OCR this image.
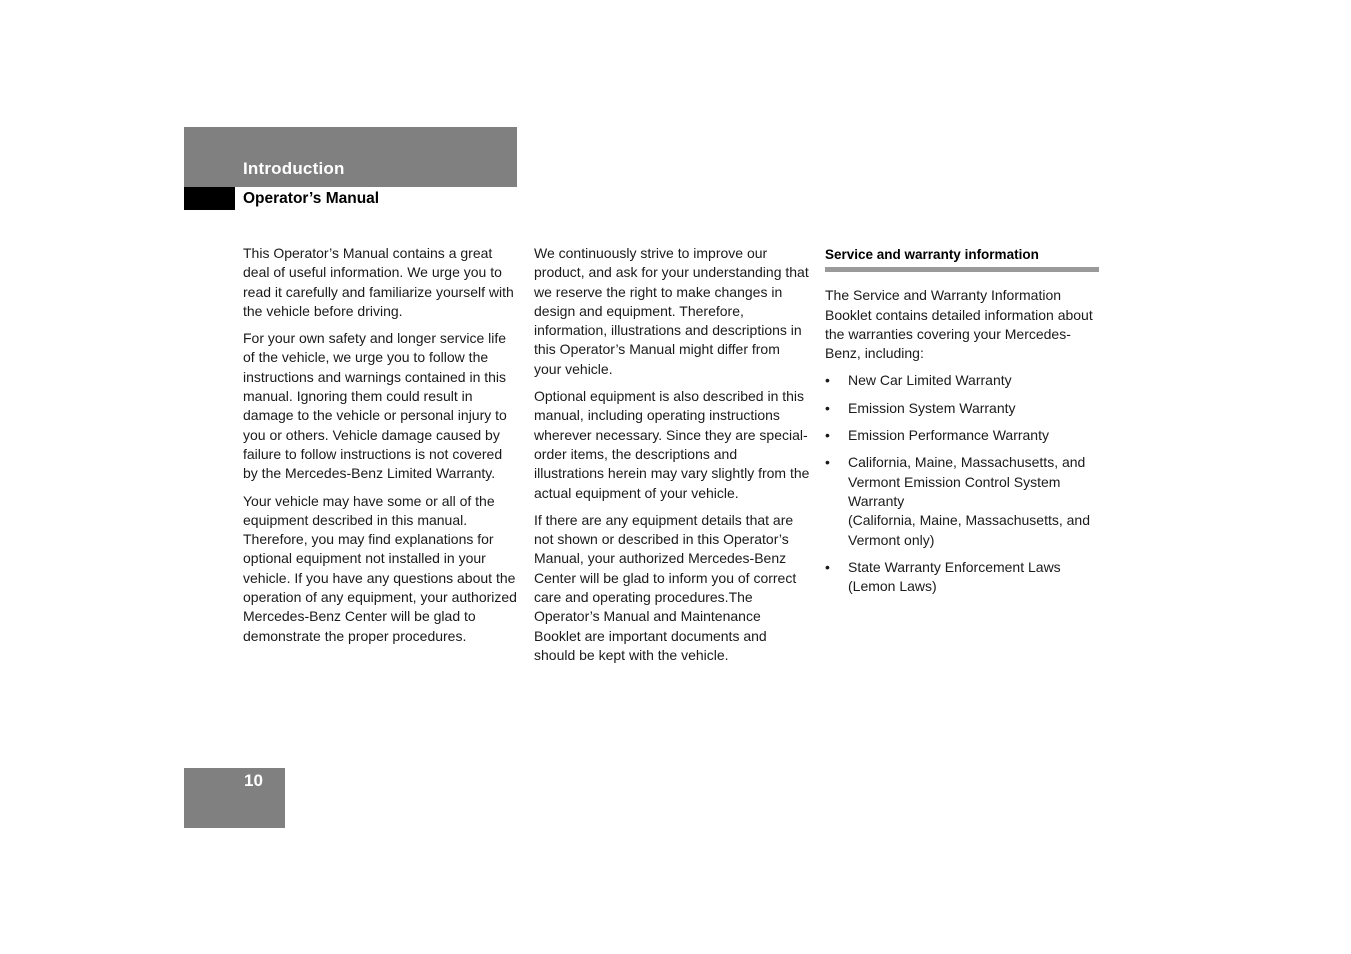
Introduction
Operator’s Manual

This Operator’s Manual contains a great deal of useful information. We urge you to read it carefully and familiarize yourself with the vehicle before driving.

For your own safety and longer service life of the vehicle, we urge you to follow the instructions and warnings contained in this manual. Ignoring them could result in damage to the vehicle or personal injury to you or others. Vehicle damage caused by failure to follow instructions is not covered by the Mercedes-Benz Limited Warranty.

Your vehicle may have some or all of the equipment described in this manual. Therefore, you may find explanations for optional equipment not installed in your vehicle. If you have any questions about the operation of any equipment, your authorized Mercedes-Benz Center will be glad to demonstrate the proper procedures.

We continuously strive to improve our product, and ask for your understanding that we reserve the right to make changes in design and equipment. Therefore, information, illustrations and descriptions in this Operator’s Manual might differ from your vehicle.

Optional equipment is also described in this manual, including operating instructions wherever necessary. Since they are special-order items, the descriptions and illustrations herein may vary slightly from the actual equipment of your vehicle.

If there are any equipment details that are not shown or described in this Operator’s Manual, your authorized Mercedes-Benz Center will be glad to inform you of correct care and operating procedures.The Operator’s Manual and Maintenance Booklet are important documents and should be kept with the vehicle.

Service and warranty information

The Service and Warranty Information Booklet contains detailed information about the warranties covering your Mercedes-Benz, including:

• New Car Limited Warranty
• Emission System Warranty
• Emission Performance Warranty
• California, Maine, Massachusetts, and Vermont Emission Control System Warranty
(California, Maine, Massachusetts, and Vermont only)
• State Warranty Enforcement Laws (Lemon Laws)
10
